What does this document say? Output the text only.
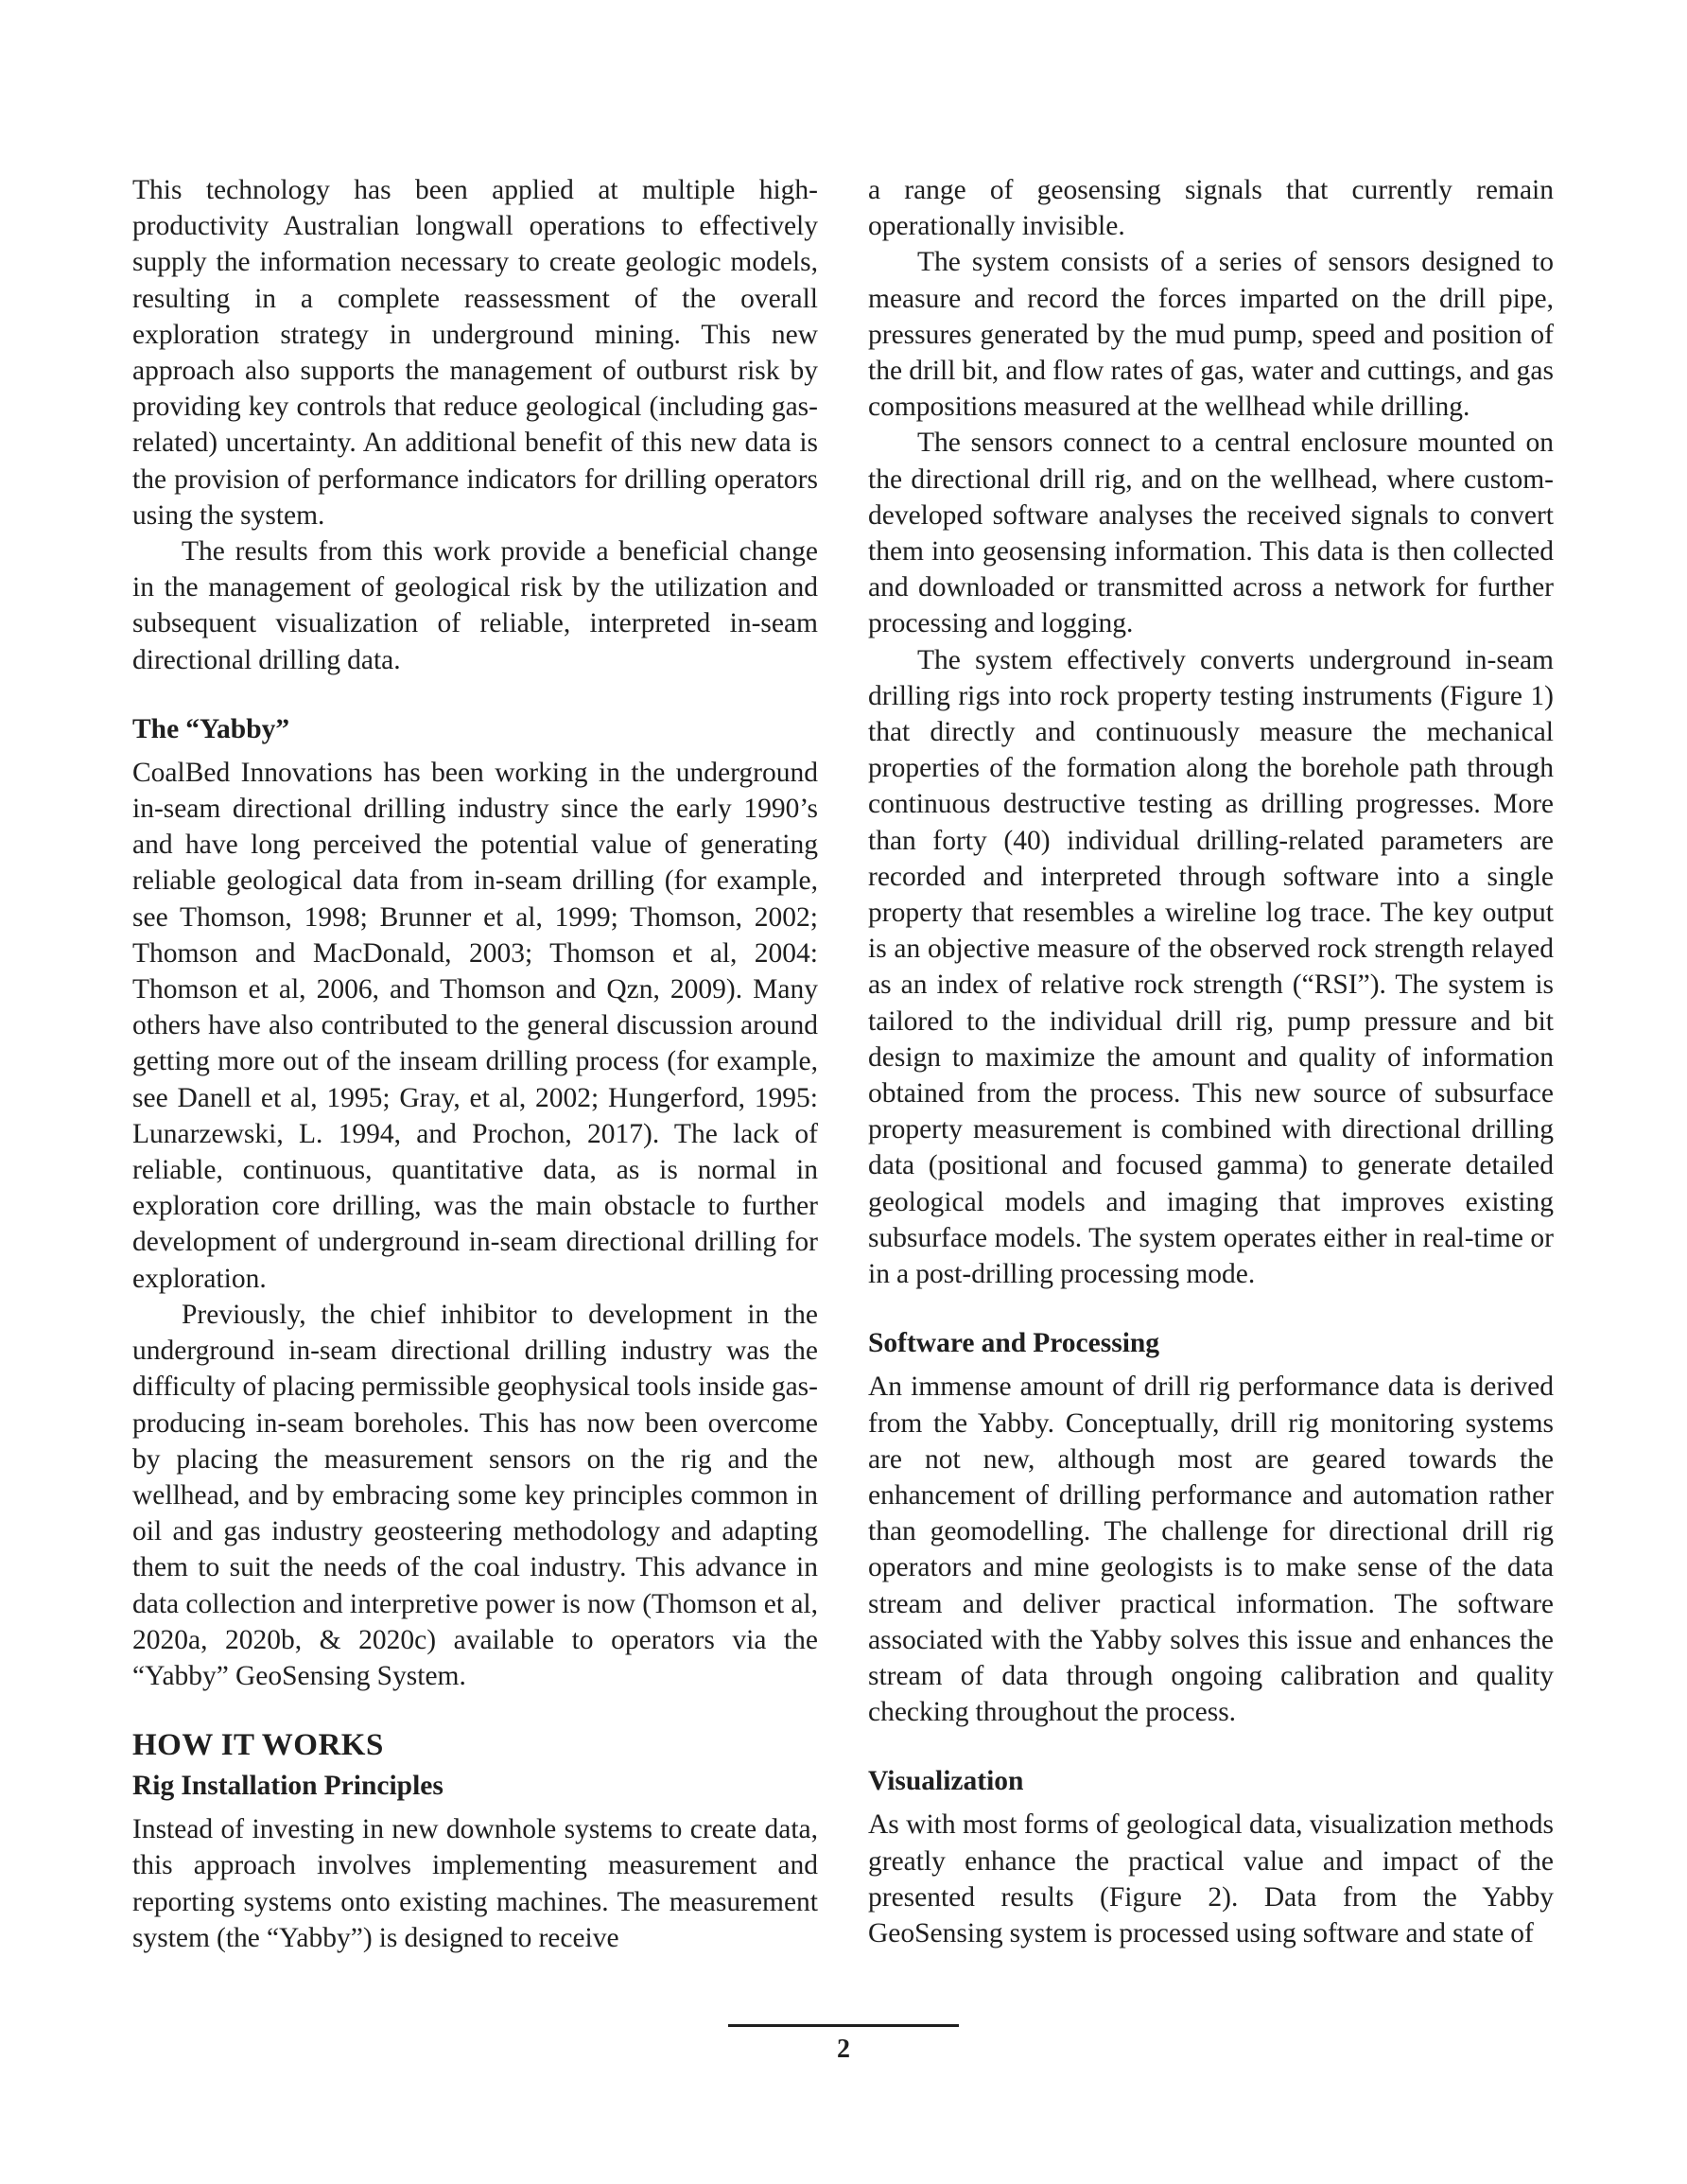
This technology has been applied at multiple high-productivity Australian longwall operations to effectively supply the information necessary to create geologic models, resulting in a complete reassessment of the overall exploration strategy in underground mining. This new approach also supports the management of outburst risk by providing key controls that reduce geological (including gas-related) uncertainty. An additional benefit of this new data is the provision of performance indicators for drilling operators using the system.

The results from this work provide a beneficial change in the management of geological risk by the utilization and subsequent visualization of reliable, interpreted in-seam directional drilling data.

The “Yabby”

CoalBed Innovations has been working in the underground in-seam directional drilling industry since the early 1990’s and have long perceived the potential value of generating reliable geological data from in-seam drilling (for example, see Thomson, 1998; Brunner et al, 1999; Thomson, 2002; Thomson and MacDonald, 2003; Thomson et al, 2004: Thomson et al, 2006, and Thomson and Qzn, 2009). Many others have also contributed to the general discussion around getting more out of the inseam drilling process (for example, see Danell et al, 1995; Gray, et al, 2002; Hungerford, 1995: Lunarzewski, L. 1994, and Prochon, 2017). The lack of reliable, continuous, quantitative data, as is normal in exploration core drilling, was the main obstacle to further development of underground in-seam directional drilling for exploration.

Previously, the chief inhibitor to development in the underground in-seam directional drilling industry was the difficulty of placing permissible geophysical tools inside gas-producing in-seam boreholes. This has now been overcome by placing the measurement sensors on the rig and the wellhead, and by embracing some key principles common in oil and gas industry geosteering methodology and adapting them to suit the needs of the coal industry. This advance in data collection and interpretive power is now (Thomson et al, 2020a, 2020b, & 2020c) available to operators via the “Yabby” GeoSensing System.

HOW IT WORKS
Rig Installation Principles

Instead of investing in new downhole systems to create data, this approach involves implementing measurement and reporting systems onto existing machines. The measurement system (the “Yabby”) is designed to receive

a range of geosensing signals that currently remain operationally invisible.

The system consists of a series of sensors designed to measure and record the forces imparted on the drill pipe, pressures generated by the mud pump, speed and position of the drill bit, and flow rates of gas, water and cuttings, and gas compositions measured at the wellhead while drilling.

The sensors connect to a central enclosure mounted on the directional drill rig, and on the wellhead, where custom-developed software analyses the received signals to convert them into geosensing information. This data is then collected and downloaded or transmitted across a network for further processing and logging.

The system effectively converts underground in-seam drilling rigs into rock property testing instruments (Figure 1) that directly and continuously measure the mechanical properties of the formation along the borehole path through continuous destructive testing as drilling progresses. More than forty (40) individual drilling-related parameters are recorded and interpreted through software into a single property that resembles a wireline log trace. The key output is an objective measure of the observed rock strength relayed as an index of relative rock strength (“RSI”). The system is tailored to the individual drill rig, pump pressure and bit design to maximize the amount and quality of information obtained from the process. This new source of subsurface property measurement is combined with directional drilling data (positional and focused gamma) to generate detailed geological models and imaging that improves existing subsurface models. The system operates either in real-time or in a post-drilling processing mode.

Software and Processing

An immense amount of drill rig performance data is derived from the Yabby. Conceptually, drill rig monitoring systems are not new, although most are geared towards the enhancement of drilling performance and automation rather than geomodelling. The challenge for directional drill rig operators and mine geologists is to make sense of the data stream and deliver practical information. The software associated with the Yabby solves this issue and enhances the stream of data through ongoing calibration and quality checking throughout the process.

Visualization

As with most forms of geological data, visualization methods greatly enhance the practical value and impact of the presented results (Figure 2). Data from the Yabby GeoSensing system is processed using software and state of

2
